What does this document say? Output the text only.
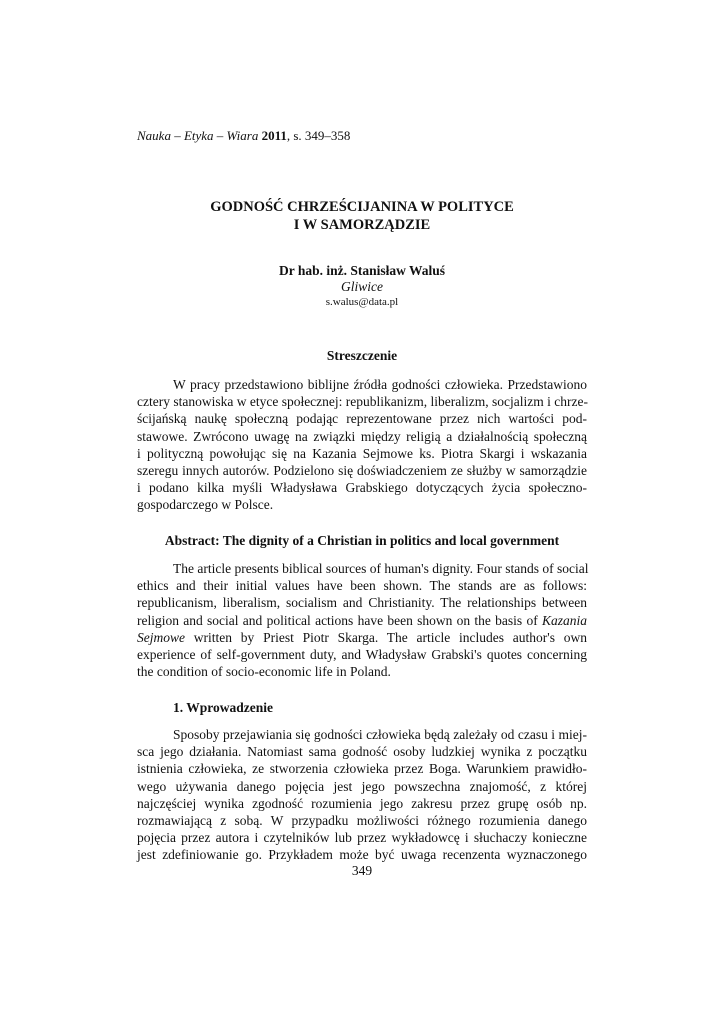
Nauka – Etyka – Wiara 2011, s. 349–358
GODNOŚĆ CHRZEŚCIJANINA W POLITYCE
I W SAMORZĄDZIE
Dr hab. inż. Stanisław Waluś
Gliwice
s.walus@data.pl
Streszczenie
W pracy przedstawiono biblijne źródła godności człowieka. Przedstawiono
cztery stanowiska w etyce społecznej: republikanizm, liberalizm, socjalizm i chrze-
ścijańską naukę społeczną podając reprezentowane przez nich wartości pod-
stawowe. Zwrócono uwagę na związki między religią a działalnością społeczną
i polityczną powołując się na Kazania Sejmowe ks. Piotra Skargi i wskazania
szeregu innych autorów. Podzielono się doświadczeniem ze służby w samorządzie
i podano kilka myśli Władysława Grabskiego dotyczących życia społeczno-
gospodarczego w Polsce.
Abstract: The dignity of a Christian in politics and local government
The article presents biblical sources of human's dignity. Four stands of social
ethics and their initial values have been shown. The stands are as follows:
republicanism, liberalism, socialism and Christianity. The relationships between
religion and social and political actions have been shown on the basis of Kazania
Sejmowe written by Priest Piotr Skarga. The article includes author's own
experience of self-government duty, and Władysław Grabski's quotes concerning
the condition of socio-economic life in Poland.
1. Wprowadzenie
Sposoby przejawiania się godności człowieka będą zależały od czasu i miej-
sca jego działania. Natomiast sama godność osoby ludzkiej wynika z początku
istnienia człowieka, ze stworzenia człowieka przez Boga. Warunkiem prawidło-
wego używania danego pojęcia jest jego powszechna znajomość, z której
najczęściej wynika zgodność rozumienia jego zakresu przez grupę osób np.
rozmawiającą z sobą. W przypadku możliwości różnego rozumienia danego
pojęcia przez autora i czytelników lub przez wykładowcę i słuchaczy konieczne
jest zdefiniowanie go. Przykładem może być uwaga recenzenta wyznaczonego
349
